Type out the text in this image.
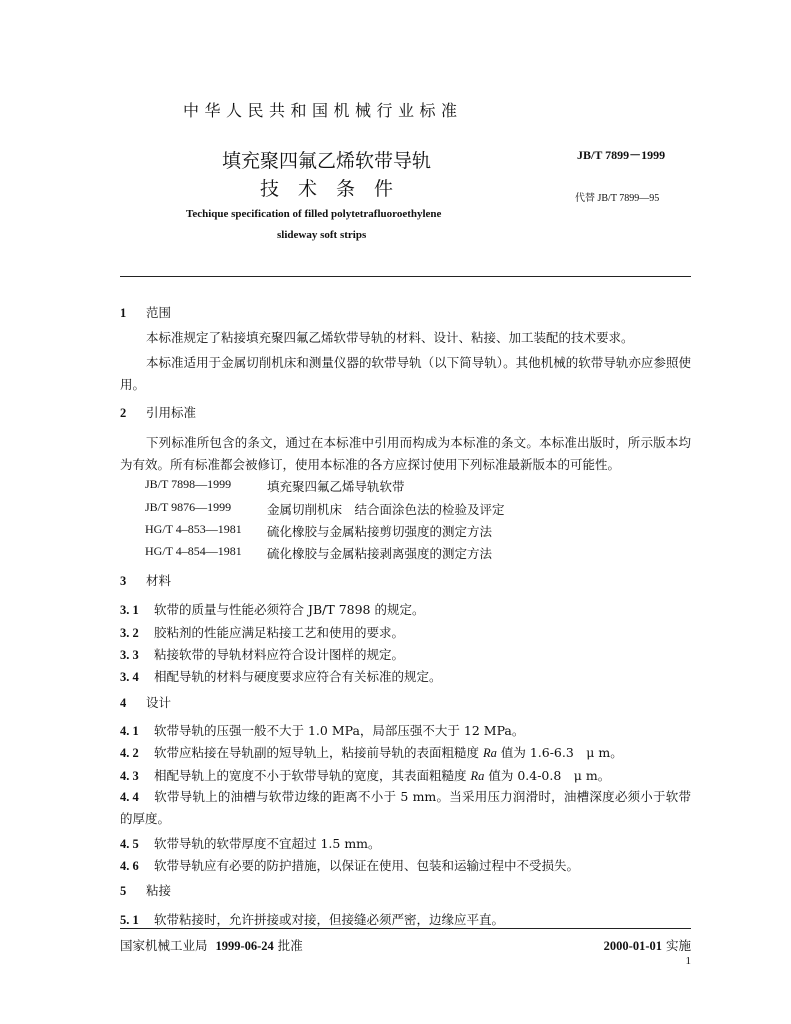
中华人民共和国机械行业标准
填充聚四氟乙烯软带导轨
技术条件
JB/T 7899－1999
代替 JB/T 7899—95
Techique specification of filled polytetrafluoroethylene
slideway soft strips
1 范围
本标准规定了粘接填充聚四氟乙烯软带导轨的材料、设计、粘接、加工装配的技术要求。
本标准适用于金属切削机床和测量仪器的软带导轨（以下简导轨）。其他机械的软带导轨亦应参照使用。
2 引用标准
下列标准所包含的条文，通过在本标准中引用而构成为本标准的条文。本标准出版时，所示版本均为有效。所有标准都会被修订，使用本标准的各方应探讨使用下列标准最新版本的可能性。
JB/T 7898—1999	填充聚四氟乙烯导轨软带
JB/T 9876—1999	金属切削机床　结合面涂色法的检验及评定
HG/T 4–853—1981 硫化橡胶与金属粘接剪切强度的测定方法
HG/T 4–854—1981 硫化橡胶与金属粘接剥离强度的测定方法
3 材料
3. 1 软带的质量与性能必须符合 JB/T 7898 的规定。
3. 2 胶粘剂的性能应满足粘接工艺和使用的要求。
3. 3 粘接软带的导轨材料应符合设计图样的规定。
3. 4 相配导轨的材料与硬度要求应符合有关标准的规定。
4 设计
4. 1 软带导轨的压强一般不大于 1.0 MPa，局部压强不大于 12 MPa。
4. 2 软带应粘接在导轨副的短导轨上，粘接前导轨的表面粗糙度 Ra 值为 1.6-6.3　μ m。
4. 3 相配导轨上的宽度不小于软带导轨的宽度，其表面粗糙度 Ra 值为 0.4-0.8　μ m。
4. 4 软带导轨上的油槽与软带边缘的距离不小于 5 mm。当采用压力润滑时，油槽深度必须小于软带的厚度。
4. 5 软带导轨的软带厚度不宜超过 1.5 mm。
4. 6 软带导轨应有必要的防护措施，以保证在使用、包装和运输过程中不受损失。
5 粘接
5. 1 软带粘接时，允许拼接或对接，但接缝必须严密，边缘应平直。
国家机械工业局 1999-06-24 批准	2000-01-01 实施
1
